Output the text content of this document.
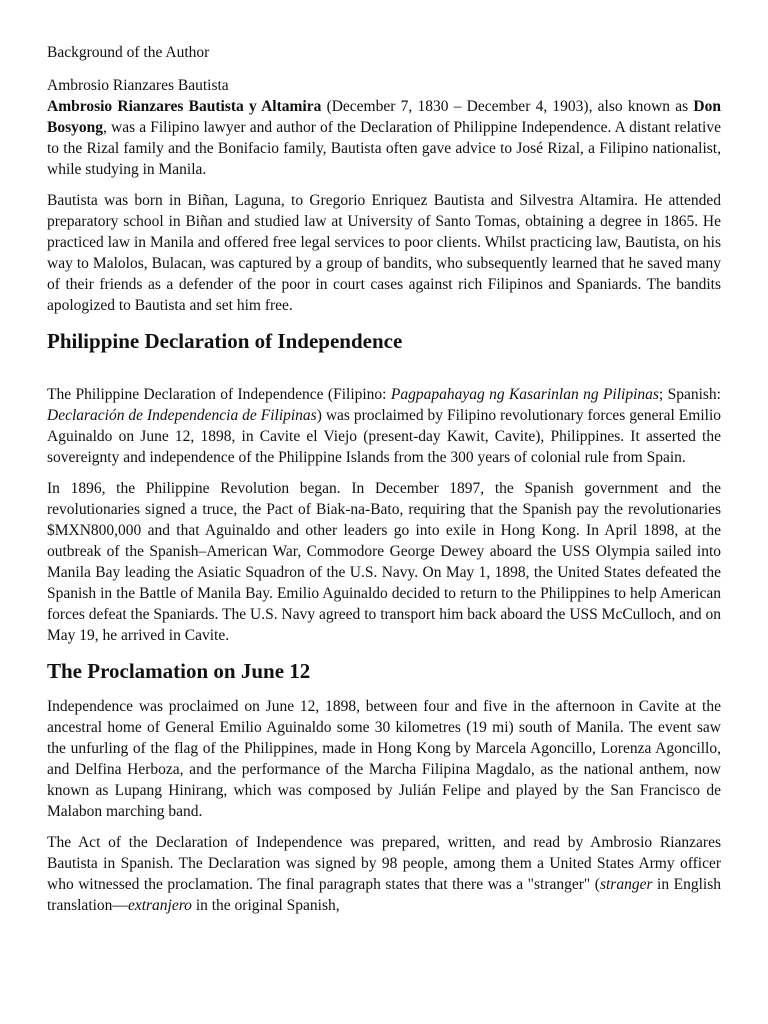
Background of the Author
Ambrosio Rianzares Bautista

Ambrosio Rianzares Bautista y Altamira (December 7, 1830 – December 4, 1903), also known as Don Bosyong, was a Filipino lawyer and author of the Declaration of Philippine Independence. A distant relative to the Rizal family and the Bonifacio family, Bautista often gave advice to José Rizal, a Filipino nationalist, while studying in Manila.

Bautista was born in Biñan, Laguna, to Gregorio Enriquez Bautista and Silvestra Altamira. He attended preparatory school in Biñan and studied law at University of Santo Tomas, obtaining a degree in 1865. He practiced law in Manila and offered free legal services to poor clients. Whilst practicing law, Bautista, on his way to Malolos, Bulacan, was captured by a group of bandits, who subsequently learned that he saved many of their friends as a defender of the poor in court cases against rich Filipinos and Spaniards. The bandits apologized to Bautista and set him free.

Philippine Declaration of Independence

The Philippine Declaration of Independence (Filipino: Pagpapahayag ng Kasarinlan ng Pilipinas; Spanish: Declaración de Independencia de Filipinas) was proclaimed by Filipino revolutionary forces general Emilio Aguinaldo on June 12, 1898, in Cavite el Viejo (present-day Kawit, Cavite), Philippines. It asserted the sovereignty and independence of the Philippine Islands from the 300 years of colonial rule from Spain.

In 1896, the Philippine Revolution began. In December 1897, the Spanish government and the revolutionaries signed a truce, the Pact of Biak-na-Bato, requiring that the Spanish pay the revolutionaries $MXN800,000 and that Aguinaldo and other leaders go into exile in Hong Kong. In April 1898, at the outbreak of the Spanish–American War, Commodore George Dewey aboard the USS Olympia sailed into Manila Bay leading the Asiatic Squadron of the U.S. Navy. On May 1, 1898, the United States defeated the Spanish in the Battle of Manila Bay. Emilio Aguinaldo decided to return to the Philippines to help American forces defeat the Spaniards. The U.S. Navy agreed to transport him back aboard the USS McCulloch, and on May 19, he arrived in Cavite.

The Proclamation on June 12

Independence was proclaimed on June 12, 1898, between four and five in the afternoon in Cavite at the ancestral home of General Emilio Aguinaldo some 30 kilometres (19 mi) south of Manila. The event saw the unfurling of the flag of the Philippines, made in Hong Kong by Marcela Agoncillo, Lorenza Agoncillo, and Delfina Herboza, and the performance of the Marcha Filipina Magdalo, as the national anthem, now known as Lupang Hinirang, which was composed by Julián Felipe and played by the San Francisco de Malabon marching band.

The Act of the Declaration of Independence was prepared, written, and read by Ambrosio Rianzares Bautista in Spanish. The Declaration was signed by 98 people, among them a United States Army officer who witnessed the proclamation. The final paragraph states that there was a "stranger" (stranger in English translation—extranjero in the original Spanish,
